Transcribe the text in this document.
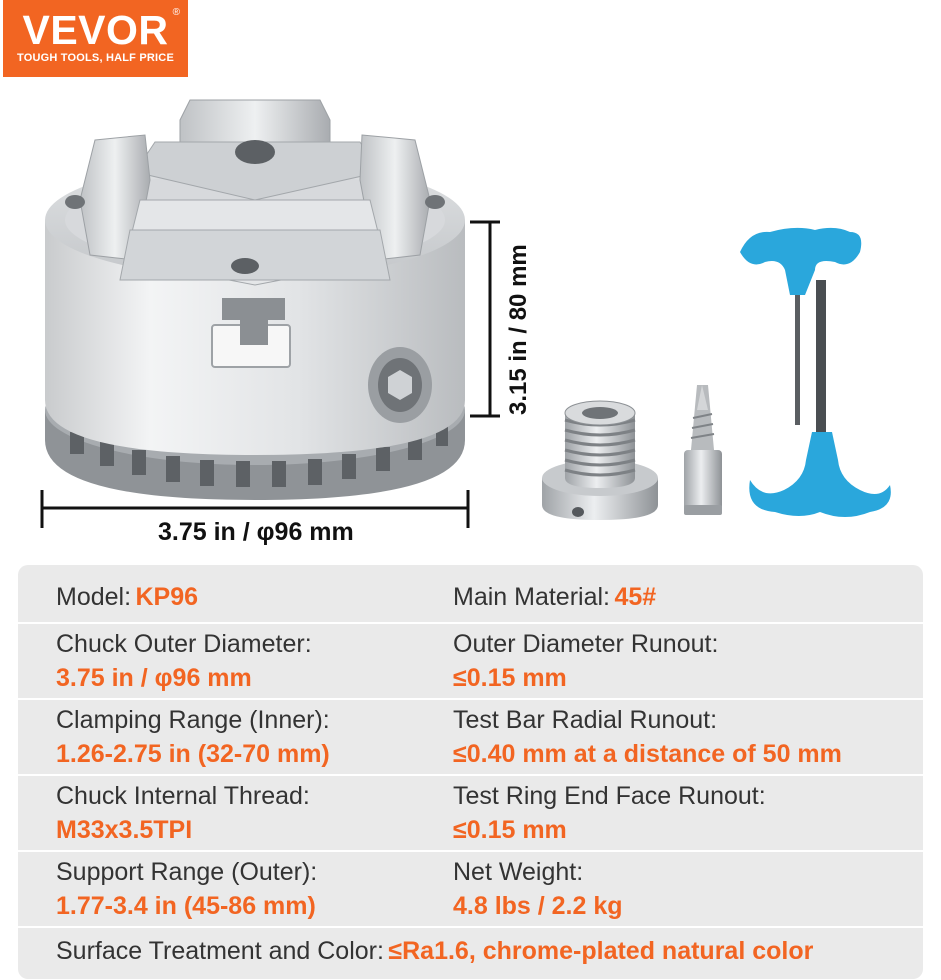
VEVOR ®
TOUGH TOOLS, HALF PRICE
3.75 in / φ96 mm
3.15 in / 80 mm
Model: KP96	Main Material: 45#
Chuck Outer Diameter:
3.75 in / φ96 mm
Outer Diameter Runout:
≤0.15 mm
Clamping Range (Inner):
1.26-2.75 in (32-70 mm)
Test Bar Radial Runout:
≤0.40 mm at a distance of 50 mm
Chuck Internal Thread:
M33x3.5TPI
Test Ring End Face Runout:
≤0.15 mm
Support Range (Outer):
1.77-3.4 in (45-86 mm)
Net Weight:
4.8 lbs / 2.2 kg
Surface Treatment and Color: ≤Ra1.6, chrome-plated natural color
